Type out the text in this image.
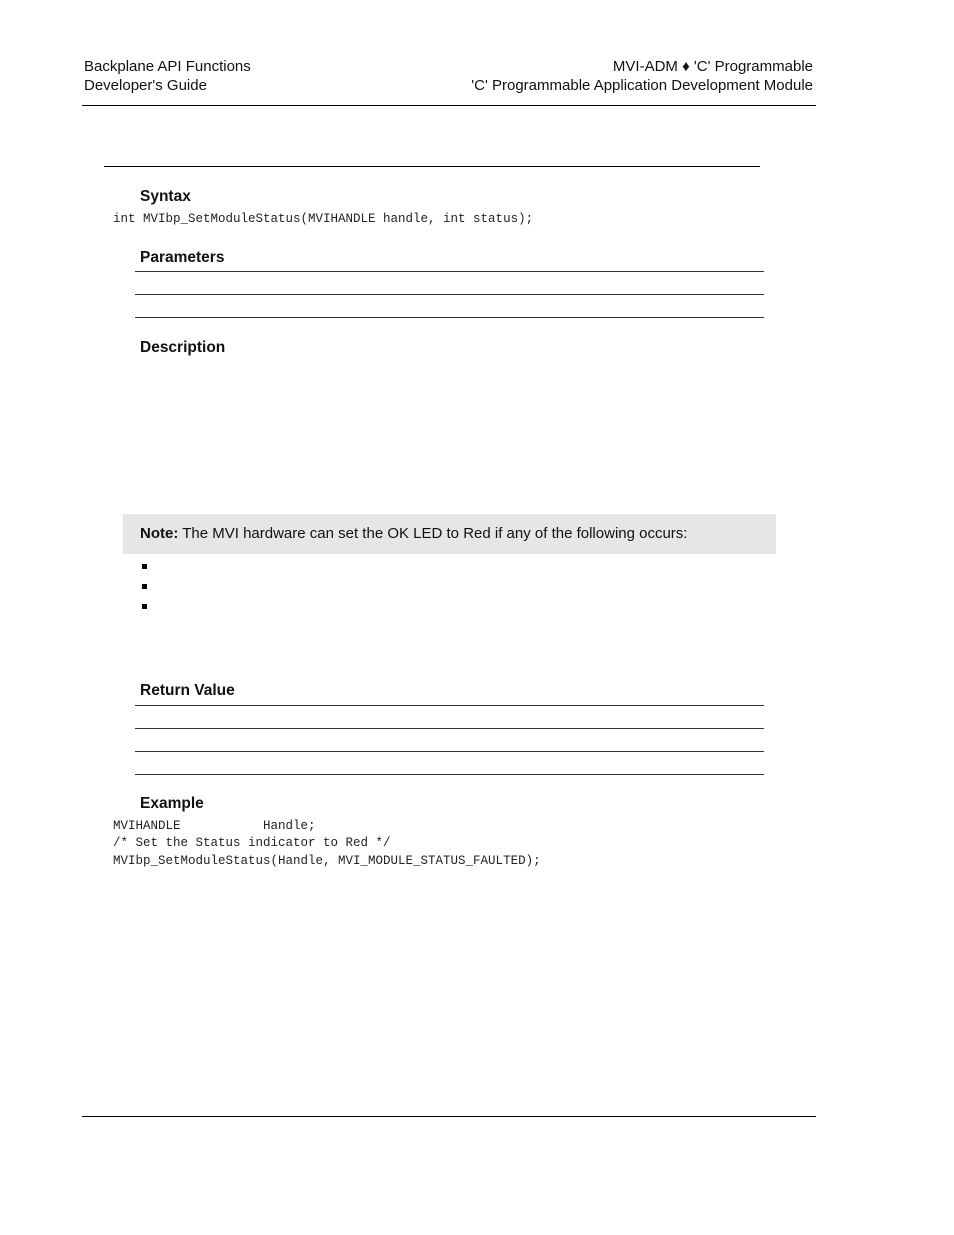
Backplane API Functions
Developer's Guide
MVI-ADM ♦ 'C' Programmable
'C' Programmable Application Development Module
Syntax
int MVIbp_SetModuleStatus(MVIHANDLE handle, int status);
Parameters
Description
Note: The MVI hardware can set the OK LED to Red if any of the following occurs:
Return Value
Example
MVIHANDLE           Handle;
/* Set the Status indicator to Red */
MVIbp_SetModuleStatus(Handle, MVI_MODULE_STATUS_FAULTED);
